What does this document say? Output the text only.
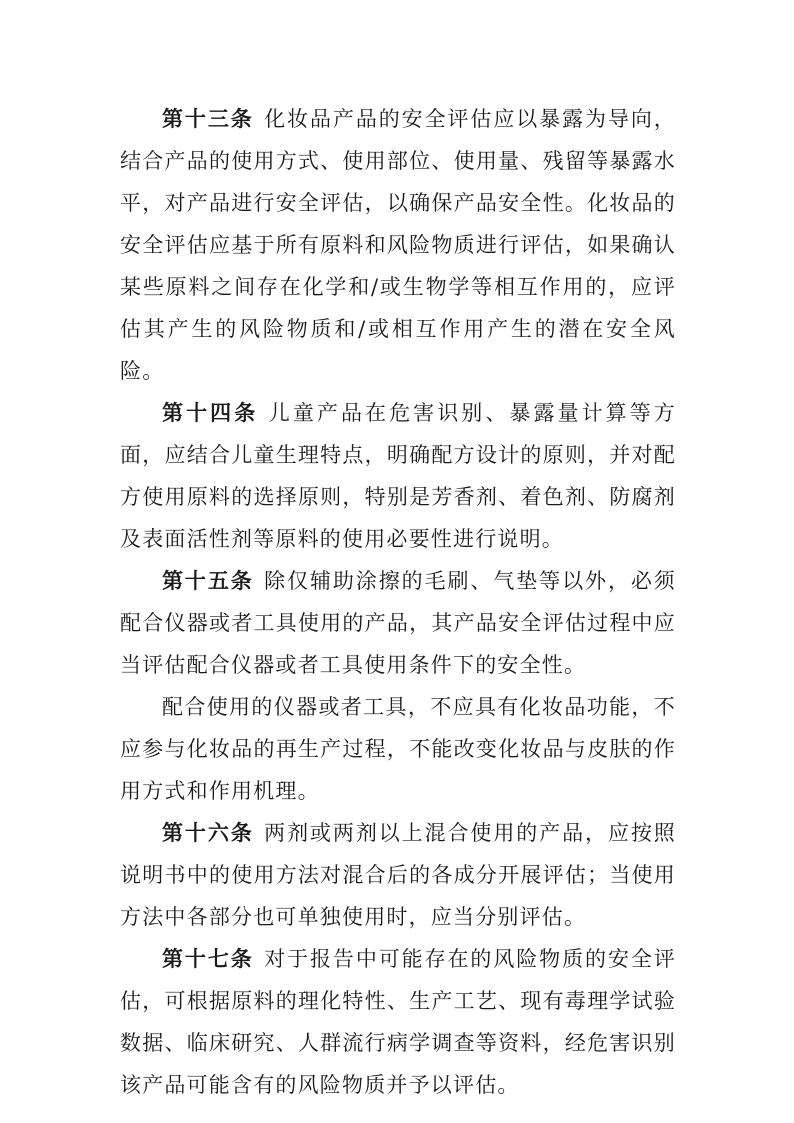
第十三条 化妆品产品的安全评估应以暴露为导向，结合产品的使用方式、使用部位、使用量、残留等暴露水平，对产品进行安全评估，以确保产品安全性。化妆品的安全评估应基于所有原料和风险物质进行评估，如果确认某些原料之间存在化学和/或生物学等相互作用的，应评估其产生的风险物质和/或相互作用产生的潜在安全风险。

第十四条 儿童产品在危害识别、暴露量计算等方面，应结合儿童生理特点，明确配方设计的原则，并对配方使用原料的选择原则，特别是芳香剂、着色剂、防腐剂及表面活性剂等原料的使用必要性进行说明。

第十五条 除仅辅助涂擦的毛刷、气垫等以外，必须配合仪器或者工具使用的产品，其产品安全评估过程中应当评估配合仪器或者工具使用条件下的安全性。

配合使用的仪器或者工具，不应具有化妆品功能，不应参与化妆品的再生产过程，不能改变化妆品与皮肤的作用方式和作用机理。

第十六条 两剂或两剂以上混合使用的产品，应按照说明书中的使用方法对混合后的各成分开展评估；当使用方法中各部分也可单独使用时，应当分别评估。

第十七条 对于报告中可能存在的风险物质的安全评估，可根据原料的理化特性、生产工艺、现有毒理学试验数据、临床研究、人群流行病学调查等资料，经危害识别该产品可能含有的风险物质并予以评估。
